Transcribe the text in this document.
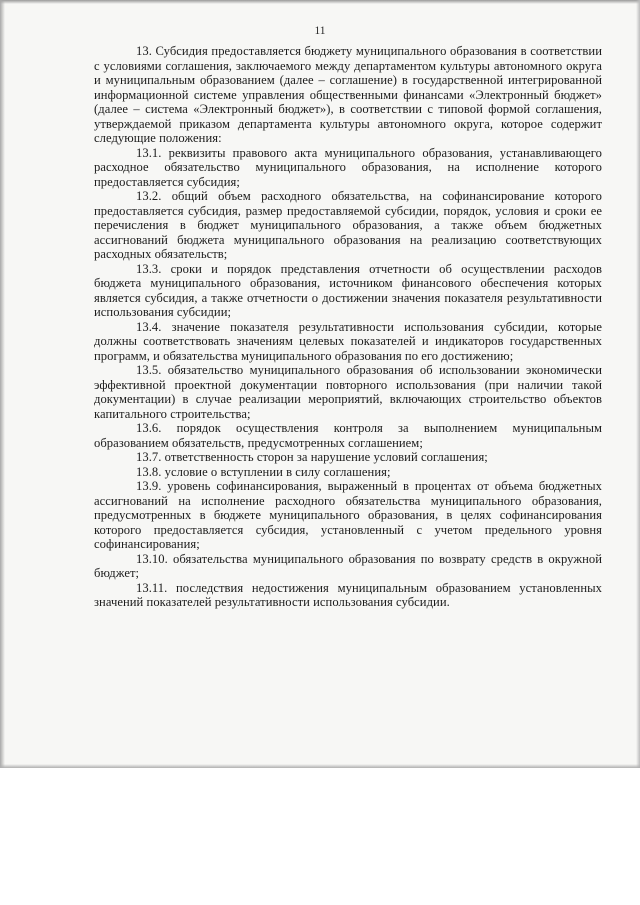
11

13. Субсидия предоставляется бюджету муниципального образования в соответствии с условиями соглашения, заключаемого между департаментом культуры автономного округа и муниципальным образованием (далее – соглашение) в государственной интегрированной информационной системе управления общественными финансами «Электронный бюджет» (далее – система «Электронный бюджет»), в соответствии с типовой формой соглашения, утверждаемой приказом департамента культуры автономного округа, которое содержит следующие положения:

13.1. реквизиты правового акта муниципального образования, устанавливающего расходное обязательство муниципального образования, на исполнение которого предоставляется субсидия;

13.2. общий объем расходного обязательства, на софинансирование которого предоставляется субсидия, размер предоставляемой субсидии, порядок, условия и сроки ее перечисления в бюджет муниципального образования, а также объем бюджетных ассигнований бюджета муниципального образования на реализацию соответствующих расходных обязательств;

13.3. сроки и порядок представления отчетности об осуществлении расходов бюджета муниципального образования, источником финансового обеспечения которых является субсидия, а также отчетности о достижении значения показателя результативности использования субсидии;

13.4. значение показателя результативности использования субсидии, которые должны соответствовать значениям целевых показателей и индикаторов государственных программ, и обязательства муниципального образования по его достижению;

13.5. обязательство муниципального образования об использовании экономически эффективной проектной документации повторного использования (при наличии такой документации) в случае реализации мероприятий, включающих строительство объектов капитального строительства;

13.6. порядок осуществления контроля за выполнением муниципальным образованием обязательств, предусмотренных соглашением;

13.7. ответственность сторон за нарушение условий соглашения;

13.8. условие о вступлении в силу соглашения;

13.9. уровень софинансирования, выраженный в процентах от объема бюджетных ассигнований на исполнение расходного обязательства муниципального образования, предусмотренных в бюджете муниципального образования, в целях софинансирования которого предоставляется субсидия, установленный с учетом предельного уровня софинансирования;

13.10. обязательства муниципального образования по возврату средств в окружной бюджет;

13.11. последствия недостижения муниципальным образованием установленных значений показателей результативности использования субсидии.
